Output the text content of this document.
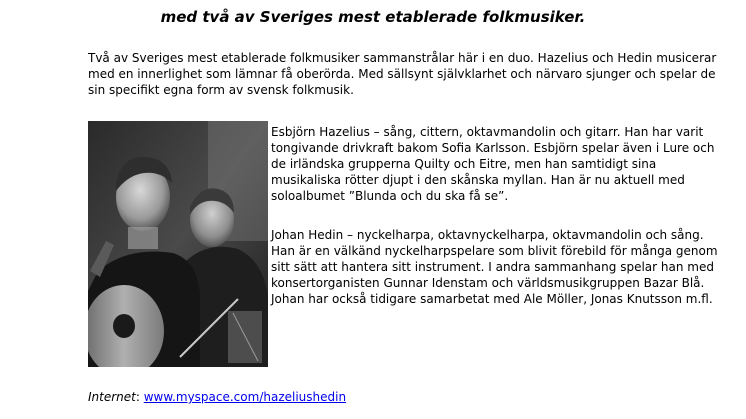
med två av Sveriges mest etablerade folkmusiker.

Två av Sveriges mest etablerade folkmusiker sammanstrålar här i en duo. Hazelius och Hedin musicerar med en innerlighet som lämnar få oberörda. Med sällsynt självklarhet och närvaro sjunger och spelar de sin specifikt egna form av svensk folkmusik.

Esbjörn Hazelius – sång, cittern, oktavmandolin och gitarr. Han har varit tongivande drivkraft bakom Sofia Karlsson. Esbjörn spelar även i Lure och de irländska grupperna Quilty och Eitre, men han samtidigt sina musikaliska rötter djupt i den skånska myllan. Han är nu aktuell med soloalbumet ”Blunda och du ska få se”.

Johan Hedin – nyckelharpa, oktavnyckelharpa, oktavmandolin och sång. Han är en välkänd nyckelharpspelare som blivit förebild för många genom sitt sätt att hantera sitt instrument. I andra sammanhang spelar han med konsertorganisten Gunnar Idenstam och världsmusikgruppen Bazar Blå. Johan har också tidigare samarbetat med Ale Möller, Jonas Knutsson m.fl.

Internet: www.myspace.com/hazeliushedin
